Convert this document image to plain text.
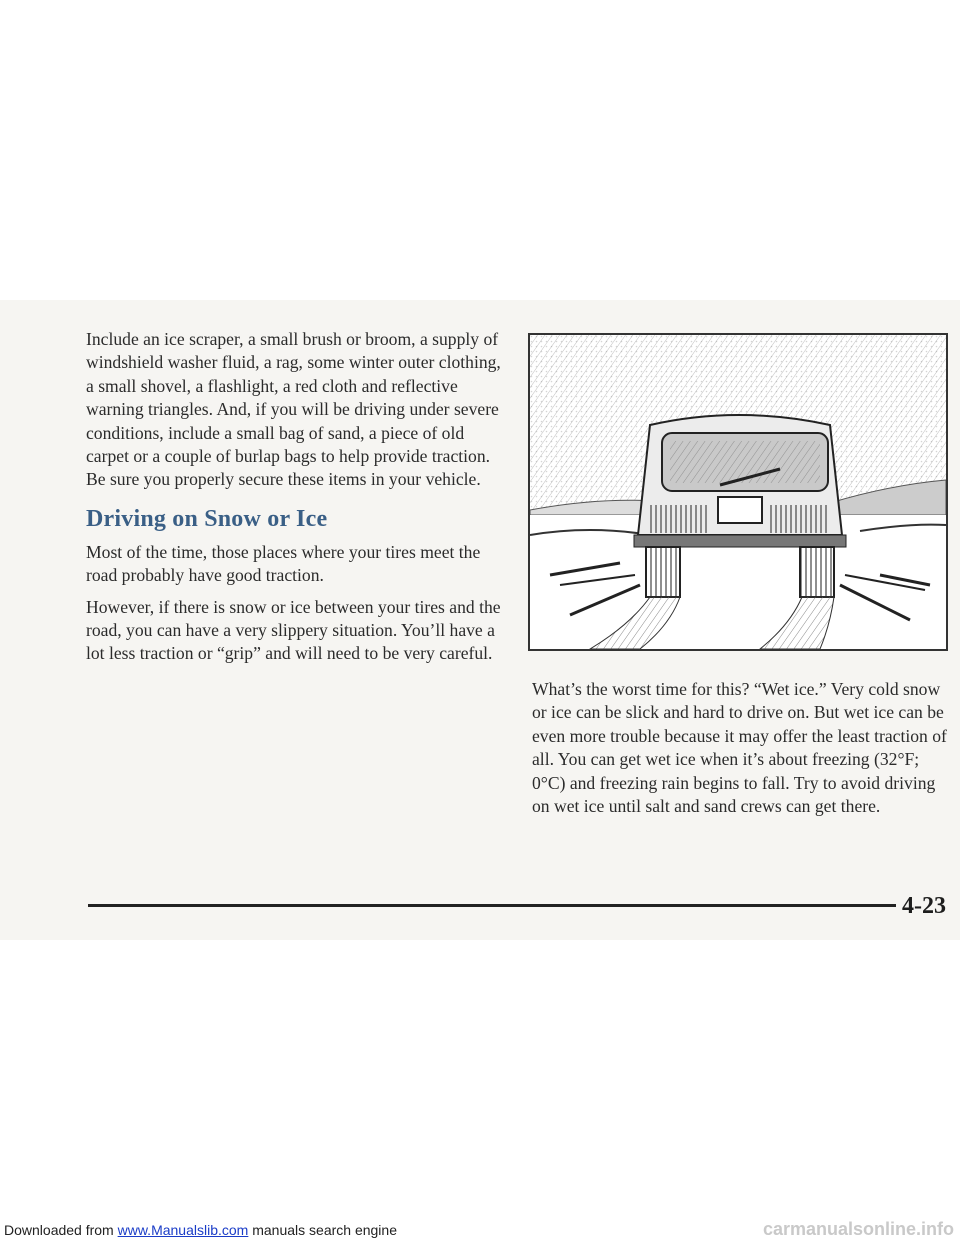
Include an ice scraper, a small brush or broom, a supply of windshield washer fluid, a rag, some winter outer clothing, a small shovel, a flashlight, a red cloth and reflective warning triangles. And, if you will be driving under severe conditions, include a small bag of sand, a piece of old carpet or a couple of burlap bags to help provide traction. Be sure you properly secure these items in your vehicle.

Driving on Snow or Ice

Most of the time, those places where your tires meet the road probably have good traction.

However, if there is snow or ice between your tires and the road, you can have a very slippery situation. You’ll have a lot less traction or “grip” and will need to be very careful.

What’s the worst time for this? “Wet ice.” Very cold snow or ice can be slick and hard to drive on. But wet ice can be even more trouble because it may offer the least traction of all. You can get wet ice when it’s about freezing (32°F; 0°C) and freezing rain begins to fall. Try to avoid driving on wet ice until salt and sand crews can get there.

4-23
Downloaded from www.Manualslib.com manuals search engine	carmanualsonline.info
